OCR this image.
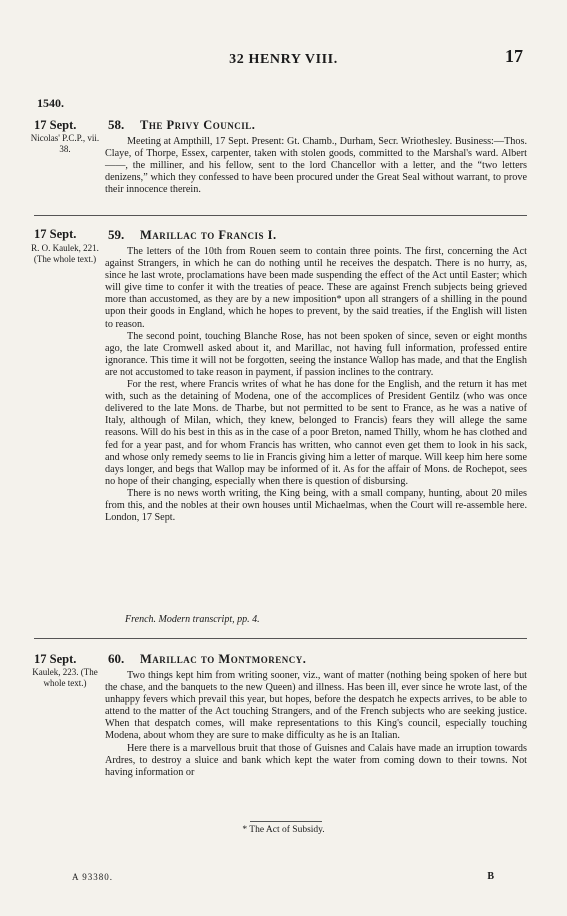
32 HENRY VIII.	17
1540.
17 Sept.
Nicolas' P.C.P., vii. 38.
58. The Privy Council.

Meeting at Ampthill, 17 Sept. Present: Gt. Chamb., Durham, Secr. Wriothesley. Business:—Thos. Claye, of Thorpe, Essex, carpenter, taken with stolen goods, committed to the Marshal's ward. Albert ——, the milliner, and his fellow, sent to the lord Chancellor with a letter, and the “two letters denizens,” which they confessed to have been procured under the Great Seal without warrant, to prove their innocence therein.

17 Sept.
R. O. Kaulek, 221. (The whole text.)
59. Marillac to Francis I.

The letters of the 10th from Rouen seem to contain three points. The first, concerning the Act against Strangers, in which he can do nothing until he receives the despatch. There is no hurry, as, since he last wrote, proclamations have been made suspending the effect of the Act until Easter; which will give time to confer it with the treaties of peace. These are against French subjects being grieved more than accustomed, as they are by a new imposition* upon all strangers of a shilling in the pound upon their goods in England, which he hopes to prevent, by the said treaties, if the English will listen to reason.

The second point, touching Blanche Rose, has not been spoken of since, seven or eight months ago, the late Cromwell asked about it, and Marillac, not having full information, professed entire ignorance. This time it will not be forgotten, seeing the instance Wallop has made, and that the English are not accustomed to take reason in payment, if passion inclines to the contrary.

For the rest, where Francis writes of what he has done for the English, and the return it has met with, such as the detaining of Modena, one of the accomplices of President Gentilz (who was once delivered to the late Mons. de Tharbe, but not permitted to be sent to France, as he was a native of Italy, although of Milan, which, they knew, belonged to Francis) fears they will allege the same reasons. Will do his best in this as in the case of a poor Breton, named Thilly, whom he has clothed and fed for a year past, and for whom Francis has written, who cannot even get them to look in his sack, and whose only remedy seems to lie in Francis giving him a letter of marque. Will keep him here some days longer, and begs that Wallop may be informed of it. As for the affair of Mons. de Rochepot, sees no hope of their changing, especially when there is question of disbursing.

There is no news worth writing, the King being, with a small company, hunting, about 20 miles from this, and the nobles at their own houses until Michaelmas, when the Court will re-assemble here. London, 17 Sept.

French. Modern transcript, pp. 4.
17 Sept.
Kaulek, 223. (The whole text.)
60. Marillac to Montmorency.

Two things kept him from writing sooner, viz., want of matter (nothing being spoken of here but the chase, and the banquets to the new Queen) and illness. Has been ill, ever since he wrote last, of the unhappy fevers which prevail this year, but hopes, before the despatch he expects arrives, to be able to attend to the matter of the Act touching Strangers, and of the French subjects who are seeking justice. When that despatch comes, will make representations to this King's council, especially touching Modena, about whom they are sure to make difficulty as he is an Italian.

Here there is a marvellous bruit that those of Guisnes and Calais have made an irruption towards Ardres, to destroy a sluice and bank which kept the water from coming down to their towns. Not having information or

* The Act of Subsidy.
A 93380.	B
